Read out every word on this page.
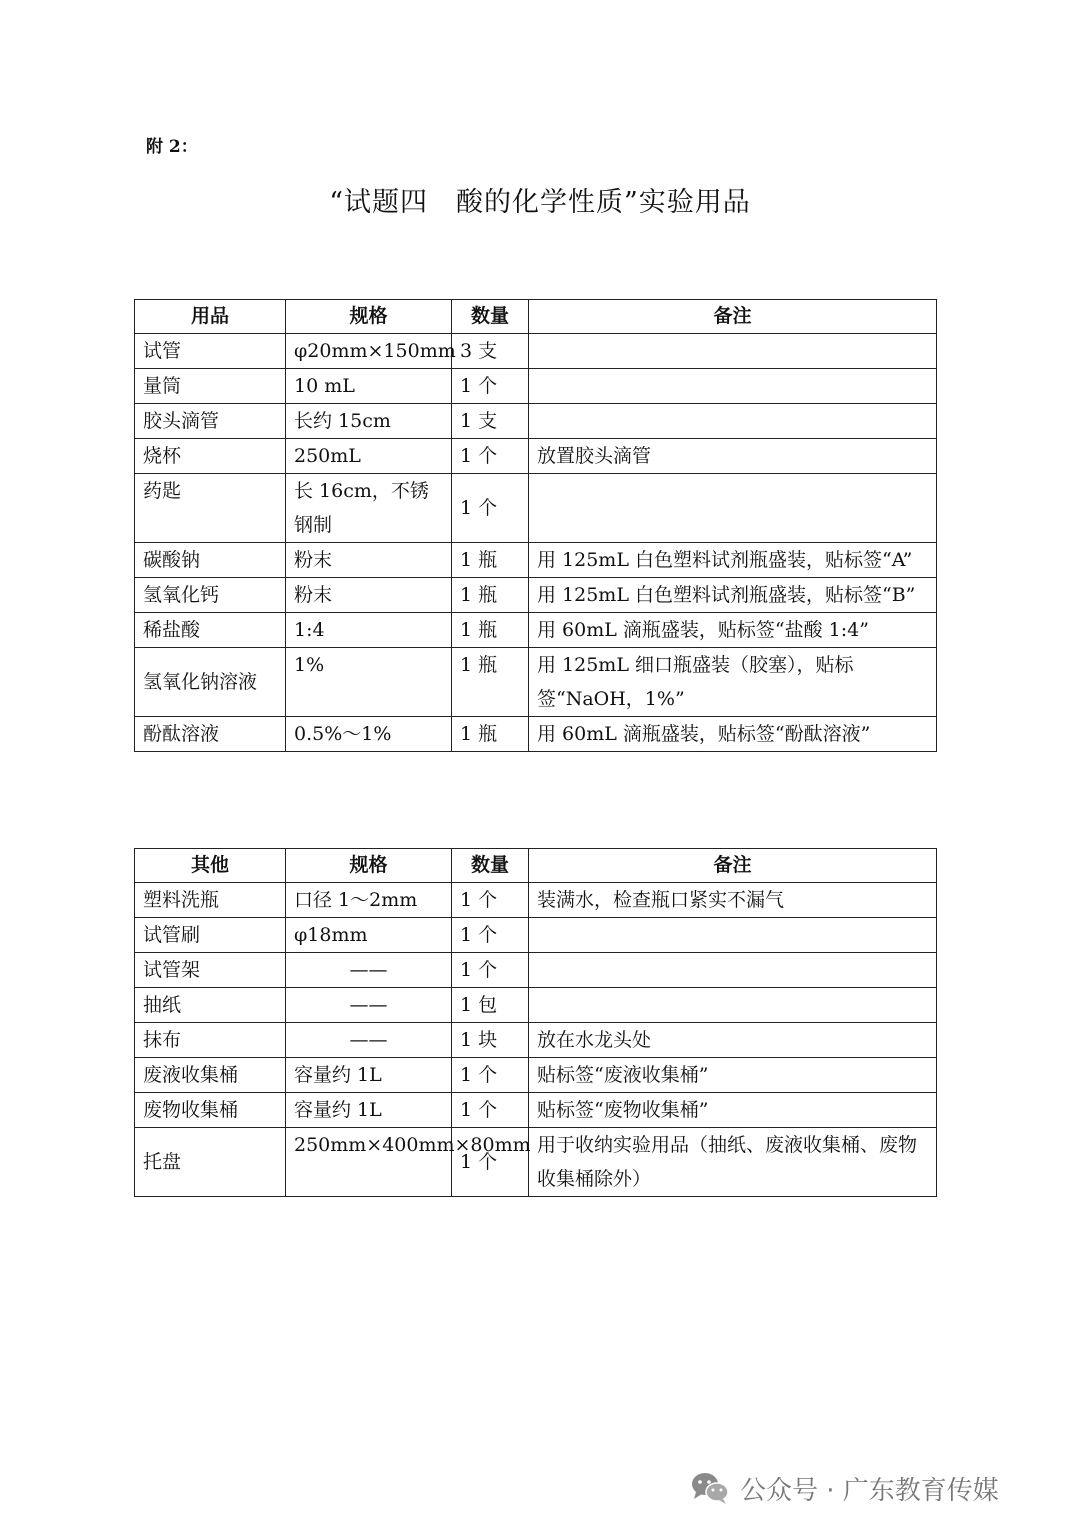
附 2：
“试题四　酸的化学性质”实验用品
用品	规格	数量	备注
试管	φ20mm×150mm	3 支	
量筒	10 mL	1 个	
胶头滴管	长约 15cm	1 支	
烧杯	250mL	1 个	放置胶头滴管
药匙	长 16cm，不锈钢制	1 个	
碳酸钠	粉末	1 瓶	用 125mL 白色塑料试剂瓶盛装，贴标签“A”
氢氧化钙	粉末	1 瓶	用 125mL 白色塑料试剂瓶盛装，贴标签“B”
稀盐酸	1:4	1 瓶	用 60mL 滴瓶盛装，贴标签“盐酸 1:4”
氢氧化钠溶液	1%	1 瓶	用 125mL 细口瓶盛装（胶塞），贴标签“NaOH，1%”
酚酞溶液	0.5%～1%	1 瓶	用 60mL 滴瓶盛装，贴标签“酚酞溶液”
其他	规格	数量	备注
塑料洗瓶	口径 1～2mm	1 个	装满水，检查瓶口紧实不漏气
试管刷	φ18mm	1 个	
试管架	——	1 个	
抽纸	——	1 包	
抹布	——	1 块	放在水龙头处
废液收集桶	容量约 1L	1 个	贴标签“废液收集桶”
废物收集桶	容量约 1L	1 个	贴标签“废物收集桶”
托盘	250mm×400mm×80mm	1 个	用于收纳实验用品（抽纸、废液收集桶、废物收集桶除外）
公众号 · 广东教育传媒
